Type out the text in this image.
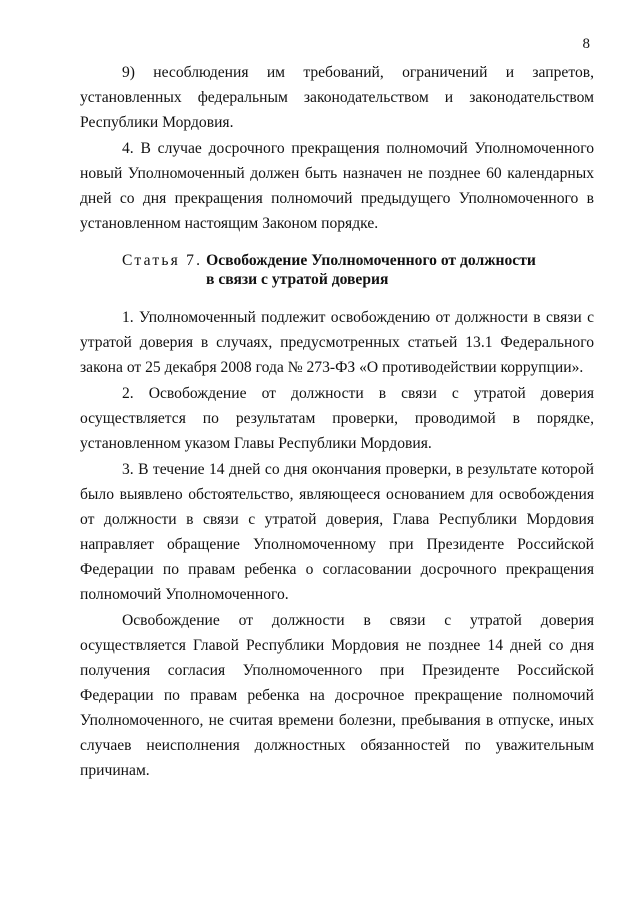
8

9) несоблюдения им требований, ограничений и запретов, установленных федеральным законодательством и законодательством Республики Мордовия.

4. В случае досрочного прекращения полномочий Уполномоченного новый Уполномоченный должен быть назначен не позднее 60 календарных дней со дня прекращения полномочий предыдущего Уполномоченного в установленном настоящим Законом порядке.

Статья 7. Освобождение Уполномоченного от должности
в связи с утратой доверия

1. Уполномоченный подлежит освобождению от должности в связи с утратой доверия в случаях, предусмотренных статьей 13.1 Федерального закона от 25 декабря 2008 года № 273-ФЗ «О противодействии коррупции».

2. Освобождение от должности в связи с утратой доверия осуществляется по результатам проверки, проводимой в порядке, установленном указом Главы Республики Мордовия.

3. В течение 14 дней со дня окончания проверки, в результате которой было выявлено обстоятельство, являющееся основанием для освобождения от должности в связи с утратой доверия, Глава Республики Мордовия направляет обращение Уполномоченному при Президенте Российской Федерации по правам ребенка о согласовании досрочного прекращения полномочий Уполномоченного.

Освобождение от должности в связи с утратой доверия осуществляется Главой Республики Мордовия не позднее 14 дней со дня получения согласия Уполномоченного при Президенте Российской Федерации по правам ребенка на досрочное прекращение полномочий Уполномоченного, не считая времени болезни, пребывания в отпуске, иных случаев неисполнения должностных обязанностей по уважительным причинам.
